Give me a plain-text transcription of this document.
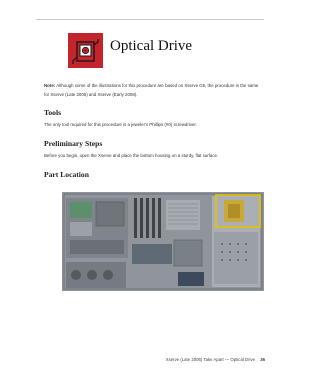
Optical Drive
Note: Although some of the illustrations for this procedure are based on Xserve G5, the procedure is the same for Xserve (Late 2006) and Xserve (Early 2008).
Tools
The only tool required for this procedure is a jeweler's Phillips (#0) screwdriver.
Preliminary Steps
Before you begin, open the Xserve and place the bottom housing on a sturdy, flat surface.
Part Location
Xserve (Late 2006) Take Apart — Optical Drive 36
